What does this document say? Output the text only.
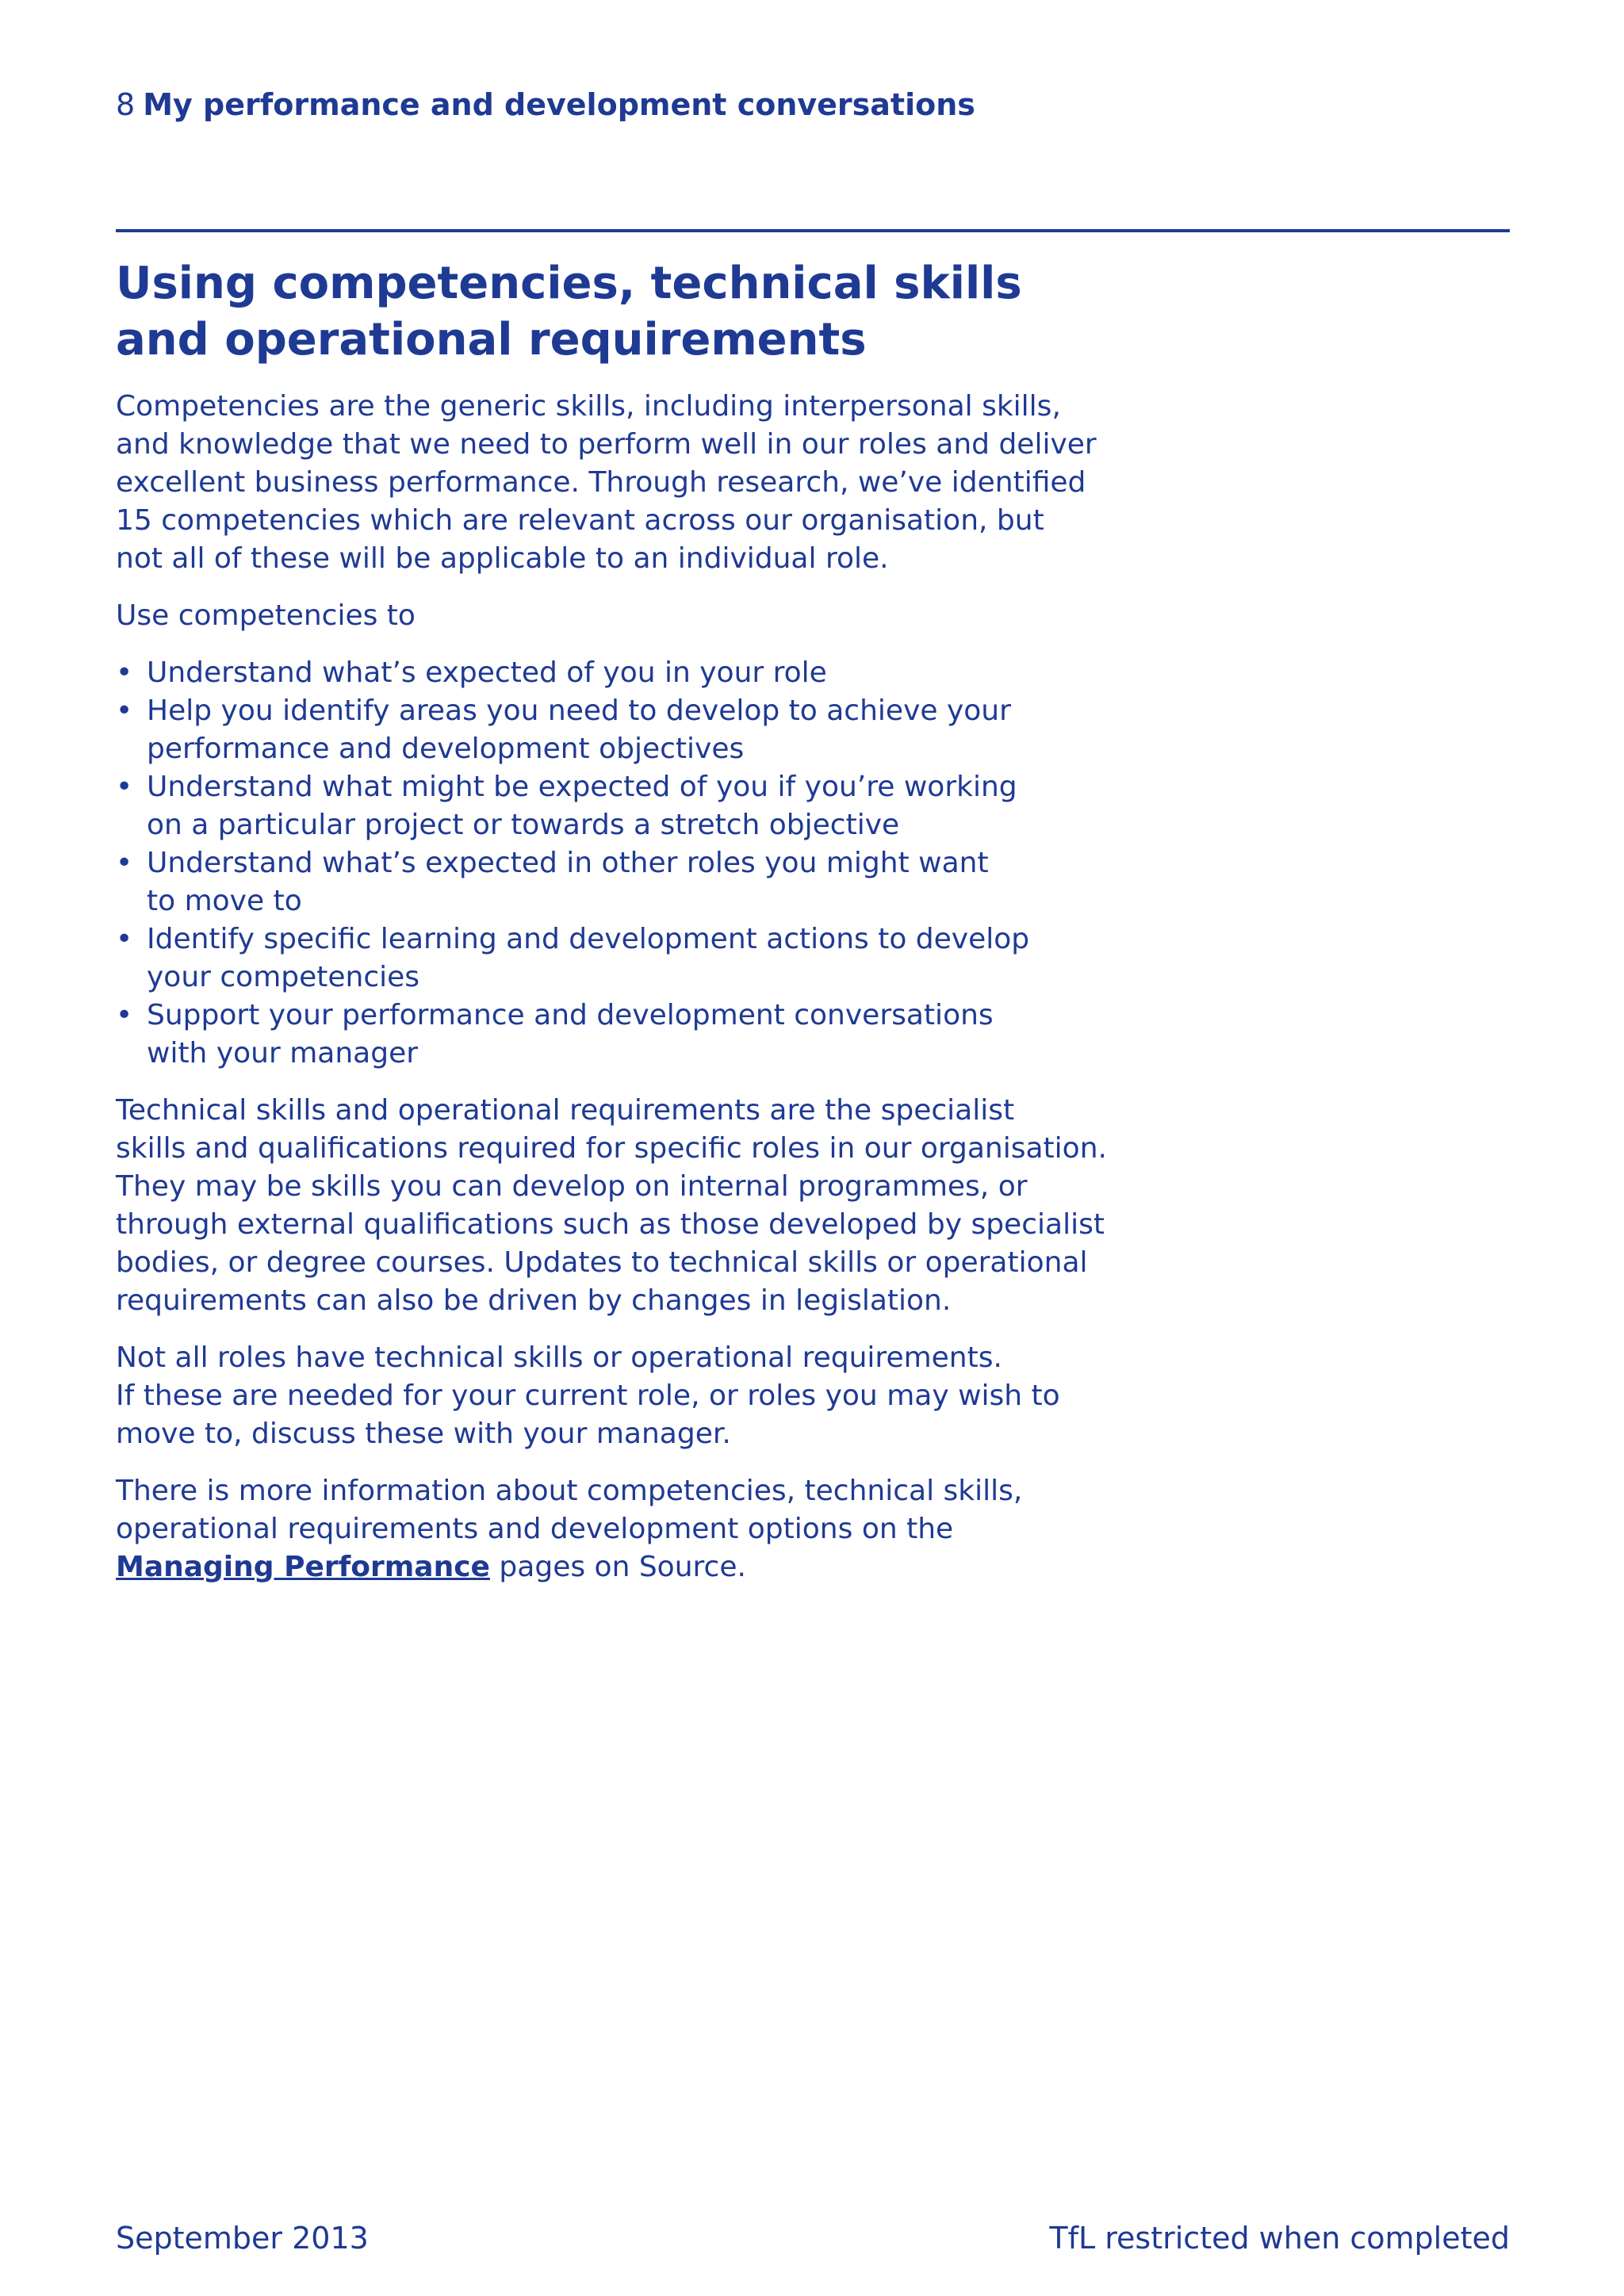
8 My performance and development conversations
Using competencies, technical skills
and operational requirements

Competencies are the generic skills, including interpersonal skills,
and knowledge that we need to perform well in our roles and deliver
excellent business performance. Through research, we’ve identified
15 competencies which are relevant across our organisation, but
not all of these will be applicable to an individual role.

Use competencies to

• Understand what’s expected of you in your role
• Help you identify areas you need to develop to achieve your
performance and development objectives
• Understand what might be expected of you if you’re working
on a particular project or towards a stretch objective
• Understand what’s expected in other roles you might want
to move to
• Identify specific learning and development actions to develop
your competencies
• Support your performance and development conversations
with your manager

Technical skills and operational requirements are the specialist
skills and qualifications required for specific roles in our organisation.
They may be skills you can develop on internal programmes, or
through external qualifications such as those developed by specialist
bodies, or degree courses. Updates to technical skills or operational
requirements can also be driven by changes in legislation.

Not all roles have technical skills or operational requirements.
If these are needed for your current role, or roles you may wish to
move to, discuss these with your manager.

There is more information about competencies, technical skills,
operational requirements and development options on the
Managing Performance pages on Source.

September 2013	TfL restricted when completed
